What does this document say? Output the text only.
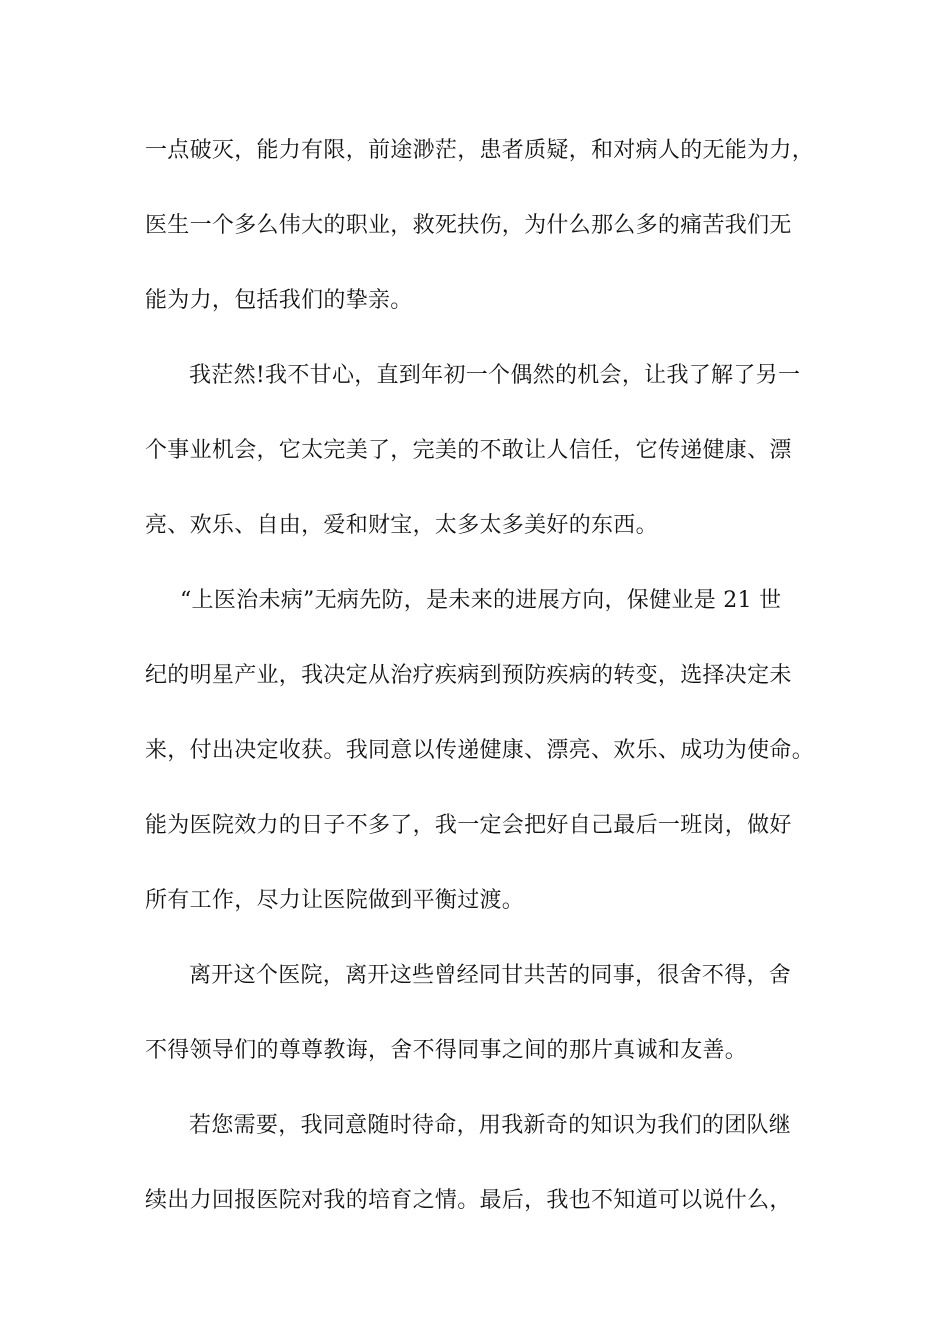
一点破灭，能力有限，前途渺茫，患者质疑，和对病人的无能为力，
医生一个多么伟大的职业，救死扶伤，为什么那么多的痛苦我们无
能为力，包括我们的挚亲。
我茫然!我不甘心，直到年初一个偶然的机会，让我了解了另一
个事业机会，它太完美了，完美的不敢让人信任，它传递健康、漂
亮、欢乐、自由，爱和财宝，太多太多美好的东西。
“上医治未病”无病先防，是未来的进展方向，保健业是 21 世
纪的明星产业，我决定从治疗疾病到预防疾病的转变，选择决定未
来，付出决定收获。我同意以传递健康、漂亮、欢乐、成功为使命。
能为医院效力的日子不多了，我一定会把好自己最后一班岗，做好
所有工作，尽力让医院做到平衡过渡。
离开这个医院，离开这些曾经同甘共苦的同事，很舍不得，舍
不得领导们的尊尊教诲，舍不得同事之间的那片真诚和友善。
若您需要，我同意随时待命，用我新奇的知识为我们的团队继
续出力回报医院对我的培育之情。最后，我也不知道可以说什么，
